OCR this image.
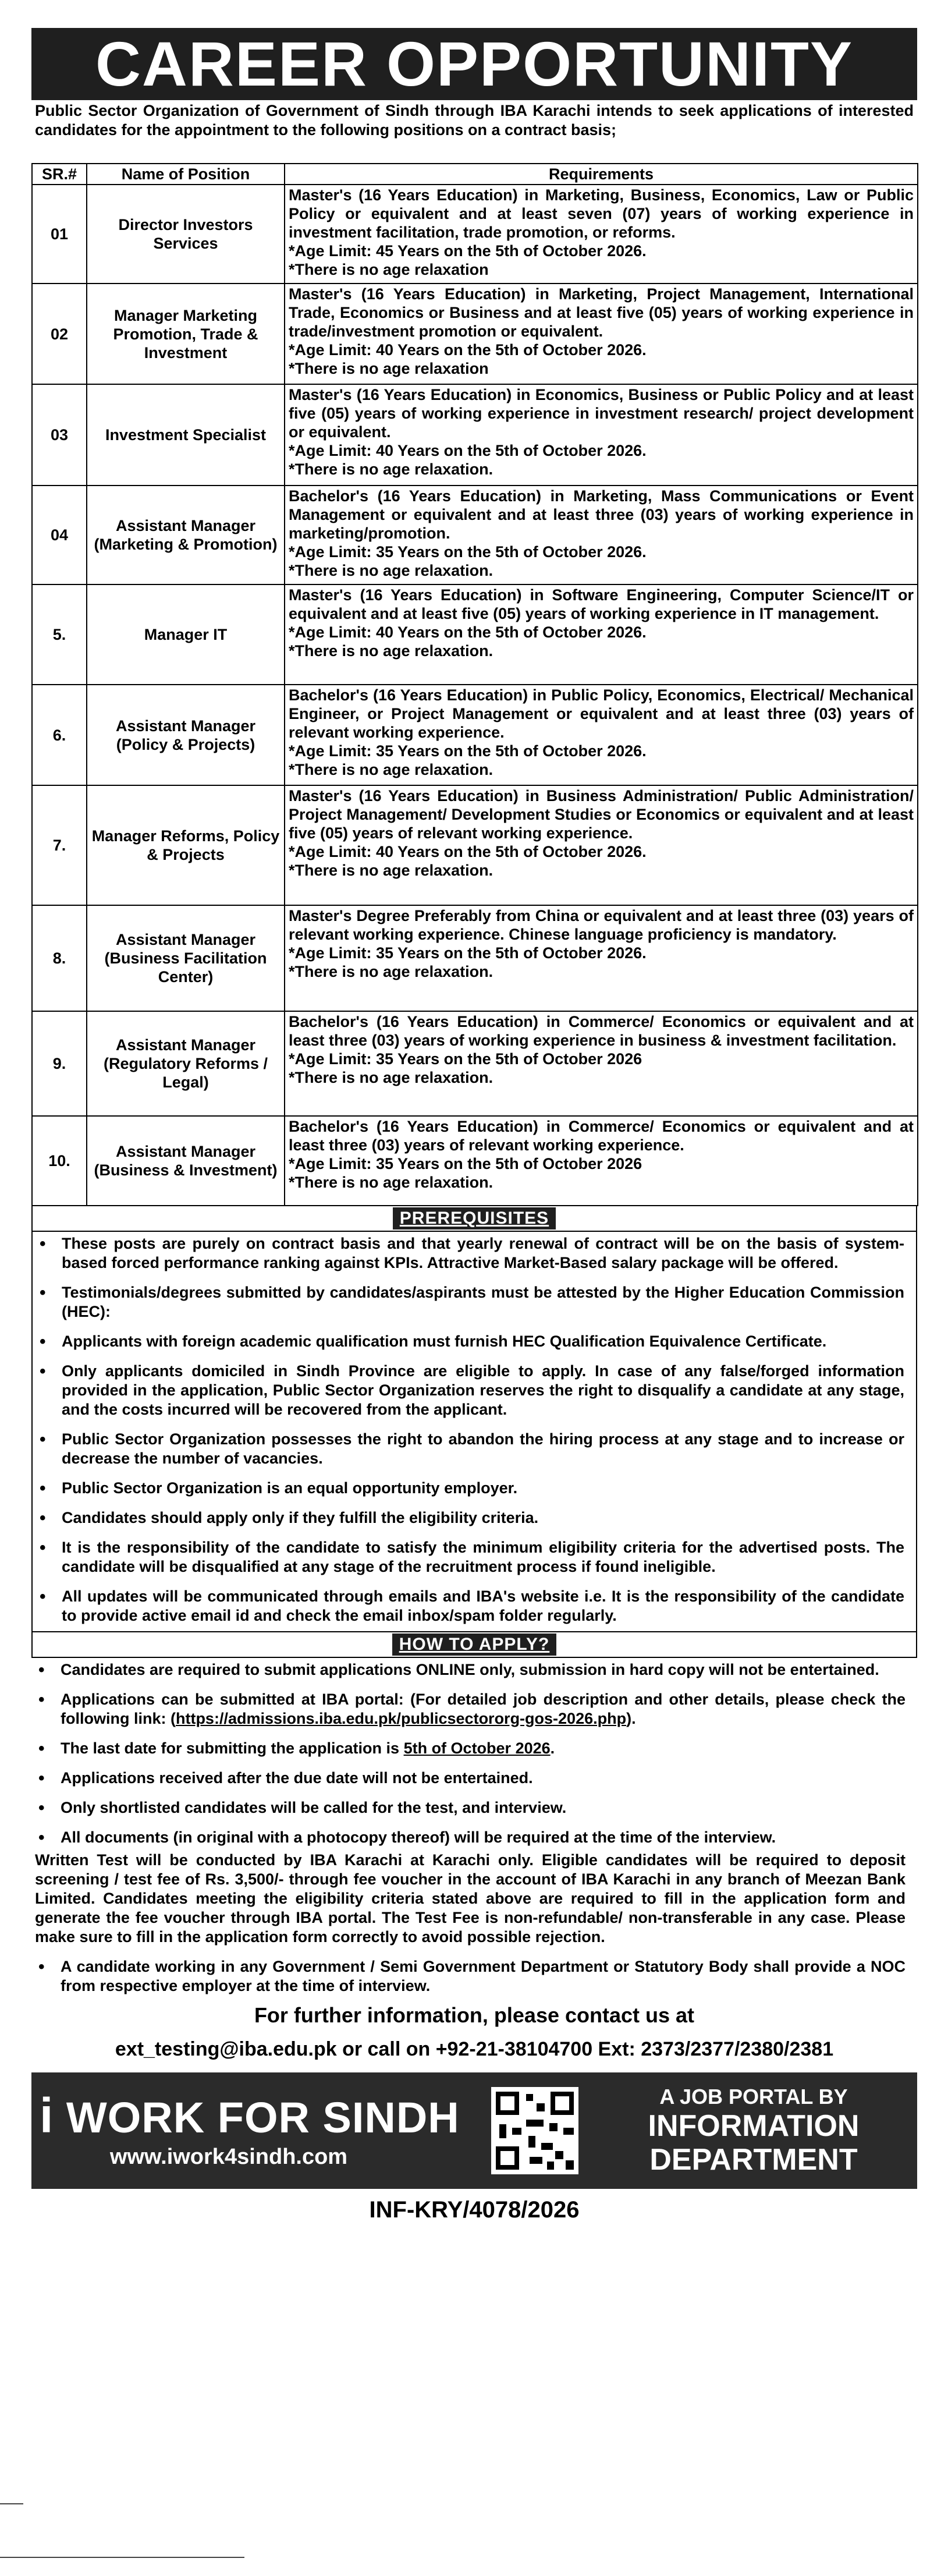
CAREER OPPORTUNITY
Public Sector Organization of Government of Sindh through IBA Karachi intends to seek applications of interested candidates for the appointment to the following positions on a contract basis;
SR.#	Name of Position	Requirements
01	Director Investors Services	Master's (16 Years Education) in Marketing, Business, Economics, Law or Public Policy or equivalent and at least seven (07) years of working experience in investment facilitation, trade promotion, or reforms.
*Age Limit: 45 Years on the 5th of October 2026.
*There is no age relaxation

02	Manager Marketing Promotion, Trade & Investment	Master's (16 Years Education) in Marketing, Project Management, International Trade, Economics or Business and at least five (05) years of working experience in trade/investment promotion or equivalent.
*Age Limit: 40 Years on the 5th of October 2026.
*There is no age relaxation

03	Investment Specialist	Master's (16 Years Education) in Economics, Business or Public Policy and at least five (05) years of working experience in investment research/ project development or equivalent.
*Age Limit: 40 Years on the 5th of October 2026.
*There is no age relaxation.

04	Assistant Manager (Marketing & Promotion)	Bachelor's (16 Years Education) in Marketing, Mass Communications or Event Management or equivalent and at least three (03) years of working experience in marketing/promotion.
*Age Limit: 35 Years on the 5th of October 2026.
*There is no age relaxation.

5.	Manager IT	Master's (16 Years Education) in Software Engineering, Computer Science/IT or equivalent and at least five (05) years of working experience in IT management.
*Age Limit: 40 Years on the 5th of October 2026.
*There is no age relaxation.

6.	Assistant Manager (Policy & Projects)	Bachelor's (16 Years Education) in Public Policy, Economics, Electrical/ Mechanical Engineer, or Project Management or equivalent and at least three (03) years of relevant working experience.
*Age Limit: 35 Years on the 5th of October 2026.
*There is no age relaxation.

7.	Manager Reforms, Policy & Projects	Master's (16 Years Education) in Business Administration/ Public Administration/ Project Management/ Development Studies or Economics or equivalent and at least five (05) years of relevant working experience.
*Age Limit: 40 Years on the 5th of October 2026.
*There is no age relaxation.

8.	Assistant Manager (Business Facilitation Center)	Master's Degree Preferably from China or equivalent and at least three (03) years of relevant working experience. Chinese language proficiency is mandatory.
*Age Limit: 35 Years on the 5th of October 2026.
*There is no age relaxation.

9.	Assistant Manager (Regulatory Reforms / Legal)	Bachelor's (16 Years Education) in Commerce/ Economics or equivalent and at least three (03) years of working experience in business & investment facilitation.
*Age Limit: 35 Years on the 5th of October 2026
*There is no age relaxation.

10.	Assistant Manager (Business & Investment)	Bachelor's (16 Years Education) in Commerce/ Economics or equivalent and at least three (03) years of relevant working experience.
*Age Limit: 35 Years on the 5th of October 2026
*There is no age relaxation.
PREREQUISITES
•	These posts are purely on contract basis and that yearly renewal of contract will be on the basis of system-based forced performance ranking against KPIs. Attractive Market-Based salary package will be offered.
•	Testimonials/degrees submitted by candidates/aspirants must be attested by the Higher Education Commission (HEC):
•	Applicants with foreign academic qualification must furnish HEC Qualification Equivalence Certificate.
•	Only applicants domiciled in Sindh Province are eligible to apply. In case of any false/forged information provided in the application, Public Sector Organization reserves the right to disqualify a candidate at any stage, and the costs incurred will be recovered from the applicant.
•	Public Sector Organization possesses the right to abandon the hiring process at any stage and to increase or decrease the number of vacancies.
•	Public Sector Organization is an equal opportunity employer.
•	Candidates should apply only if they fulfill the eligibility criteria.
•	It is the responsibility of the candidate to satisfy the minimum eligibility criteria for the advertised posts. The candidate will be disqualified at any stage of the recruitment process if found ineligible.
•	All updates will be communicated through emails and IBA's website i.e. It is the responsibility of the candidate to provide active email id and check the email inbox/spam folder regularly.
HOW TO APPLY?
•	Candidates are required to submit applications ONLINE only, submission in hard copy will not be entertained.
•	Applications can be submitted at IBA portal: (For detailed job description and other details, please check the following link: (https://admissions.iba.edu.pk/publicsectororg-gos-2026.php).
•	The last date for submitting the application is 5th of October 2026.
•	Applications received after the due date will not be entertained.
•	Only shortlisted candidates will be called for the test, and interview.
•	All documents (in original with a photocopy thereof) will be required at the time of the interview.
Written Test will be conducted by IBA Karachi at Karachi only. Eligible candidates will be required to deposit screening / test fee of Rs. 3,500/- through fee voucher in the account of IBA Karachi in any branch of Meezan Bank Limited. Candidates meeting the eligibility criteria stated above are required to fill in the application form and generate the fee voucher through IBA portal. The Test Fee is non-refundable/ non-transferable in any case. Please make sure to fill in the application form correctly to avoid possible rejection.
•	A candidate working in any Government / Semi Government Department or Statutory Body shall provide a NOC from respective employer at the time of interview.
For further information, please contact us at
ext_testing@iba.edu.pk or call on +92-21-38104700 Ext: 2373/2377/2380/2381
i WORK FOR SINDH
www.iwork4sindh.com
A JOB PORTAL BY
INFORMATION DEPARTMENT
INF-KRY/4078/2026
